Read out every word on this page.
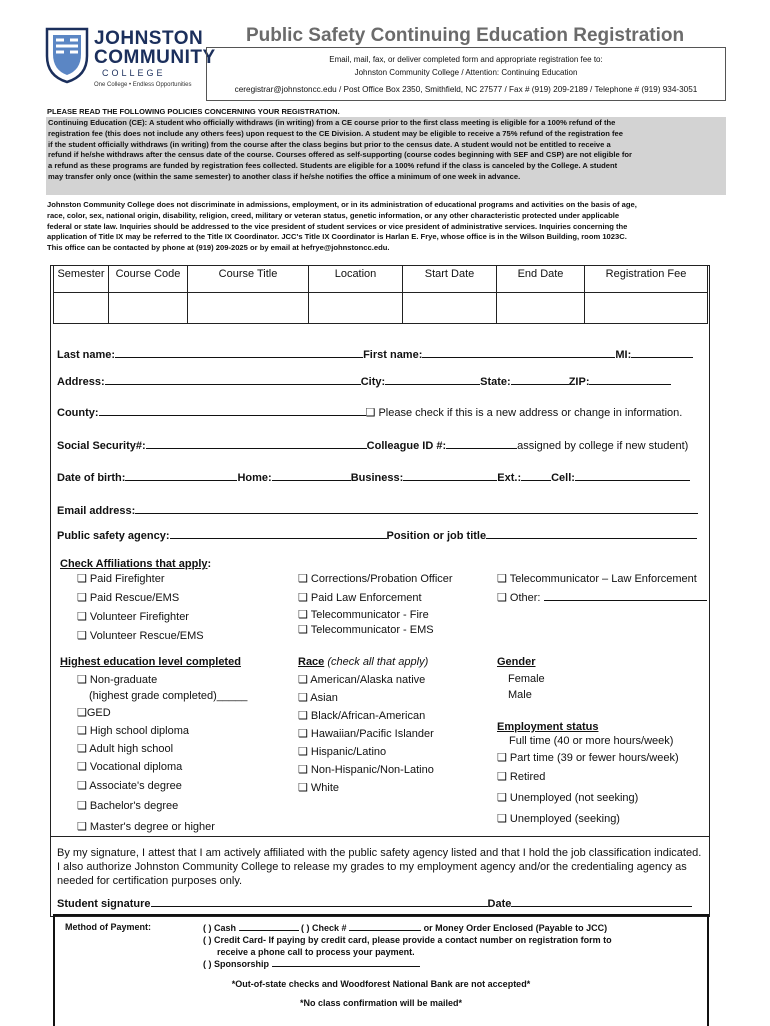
JOHNSTON
COMMUNITY
COLLEGE
One College • Endless Opportunities
Public Safety Continuing Education Registration
Email, mail, fax, or deliver completed form and appropriate registration fee to:
Johnston Community College / Attention: Continuing Education
ceregistrar@johnstoncc.edu / Post Office Box 2350, Smithfield, NC 27577 / Fax # (919) 209-2189 / Telephone # (919) 934-3051
PLEASE READ THE FOLLOWING POLICIES CONCERNING YOUR REGISTRATION.
Continuing Education (CE): A student who officially withdraws (in writing) from a CE course prior to the first class meeting is eligible for a 100% refund of the
registration fee (this does not include any others fees) upon request to the CE Division. A student may be eligible to receive a 75% refund of the registration fee
if the student officially withdraws (in writing) from the course after the class begins but prior to the census date. A student would not be entitled to receive a
refund if he/she withdraws after the census date of the course. Courses offered as self-supporting (course codes beginning with SEF and CSP) are not eligible for
a refund as these programs are funded by registration fees collected. Students are eligible for a 100% refund if the class is canceled by the College. A student
may transfer only once (within the same semester) to another class if he/she notifies the office a minimum of one week in advance.
Johnston Community College does not discriminate in admissions, employment, or in its administration of educational programs and activities on the basis of age,
race, color, sex, national origin, disability, religion, creed, military or veteran status, genetic information, or any other characteristic protected under applicable
federal or state law. Inquiries should be addressed to the vice president of student services or vice president of administrative services. Inquiries concerning the
application of Title IX may be referred to the Title IX Coordinator. JCC's Title IX Coordinator is Harlan E. Frye, whose office is in the Wilson Building, room 1023C.
This office can be contacted by phone at (919) 209-2025 or by email at hefrye@johnstoncc.edu.
Semester	Course Code	Course Title	Location	Start Date	End Date	Registration Fee

Last name:	First name:	MI:
Address:	City:	State:	ZIP:
County:	❑ Please check if this is a new address or change in information.
Social Security#:	Colleague ID #:	assigned by college if new student)
Date of birth:	Home:	Business:	Ext.:	Cell:
Email address:
Public safety agency:	Position or job title
Check Affiliations that apply:
❑ Paid Firefighter
❑ Paid Rescue/EMS
❑ Volunteer Firefighter
❑ Volunteer Rescue/EMS
❑ Corrections/Probation Officer
❑ Paid Law Enforcement
❑ Telecommunicator - Fire
❑ Telecommunicator - EMS
❑ Telecommunicator – Law Enforcement
❑ Other:
Highest education level completed
❑ Non-graduate
(highest grade completed)_____
❑GED
❑ High school diploma
❑ Adult high school
❑ Vocational diploma
❑ Associate's degree
❑ Bachelor's degree
❑ Master's degree or higher
Race (check all that apply)
❑ American/Alaska native
❑ Asian
❑ Black/African-American
❑ Hawaiian/Pacific Islander
❑ Hispanic/Latino
❑ Non-Hispanic/Non-Latino
❑ White
Gender
Female
Male
Employment status
Full time (40 or more hours/week)
❑ Part time (39 or fewer hours/week)
❑ Retired
❑ Unemployed (not seeking)
❑ Unemployed (seeking)
By my signature, I attest that I am actively affiliated with the public safety agency listed and that I hold the job classification indicated. I also authorize Johnston Community College to release my grades to my employment agency and/or the credentialing agency as needed for certification purposes only.
Student signature	Date
Method of Payment:	( ) Cash	( ) Check #	or Money Order Enclosed (Payable to JCC)
( ) Credit Card- If paying by credit card, please provide a contact number on registration form to
receive a phone call to process your payment.
( ) Sponsorship
*Out-of-state checks and Woodforest National Bank are not accepted*
*No class confirmation will be mailed*
